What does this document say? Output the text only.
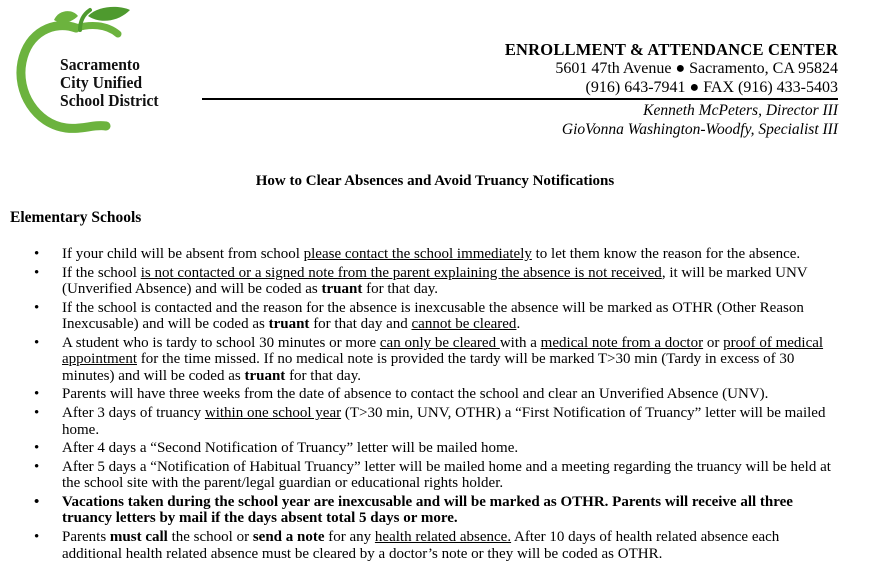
Sacramento
City Unified
School District
ENROLLMENT & ATTENDANCE CENTER
5601 47th Avenue ● Sacramento, CA 95824
(916) 643-7941 ● FAX (916) 433-5403
Kenneth McPeters, Director III
GioVonna Washington-Woodfy, Specialist III
How to Clear Absences and Avoid Truancy Notifications
Elementary Schools
• If your child will be absent from school please contact the school immediately to let them know the reason for the absence.
• If the school is not contacted or a signed note from the parent explaining the absence is not received, it will be marked UNV (Unverified Absence) and will be coded as truant for that day.
• If the school is contacted and the reason for the absence is inexcusable the absence will be marked as OTHR (Other Reason Inexcusable) and will be coded as truant for that day and cannot be cleared.
• A student who is tardy to school 30 minutes or more can only be cleared with a medical note from a doctor or proof of medical appointment for the time missed. If no medical note is provided the tardy will be marked T>30 min (Tardy in excess of 30 minutes) and will be coded as truant for that day.
• Parents will have three weeks from the date of absence to contact the school and clear an Unverified Absence (UNV).
• After 3 days of truancy within one school year (T>30 min, UNV, OTHR) a “First Notification of Truancy” letter will be mailed home.
• After 4 days a “Second Notification of Truancy” letter will be mailed home.
• After 5 days a “Notification of Habitual Truancy” letter will be mailed home and a meeting regarding the truancy will be held at the school site with the parent/legal guardian or educational rights holder.
• Vacations taken during the school year are inexcusable and will be marked as OTHR. Parents will receive all three truancy letters by mail if the days absent total 5 days or more.
• Parents must call the school or send a note for any health related absence. After 10 days of health related absence each additional health related absence must be cleared by a doctor’s note or they will be coded as OTHR.
